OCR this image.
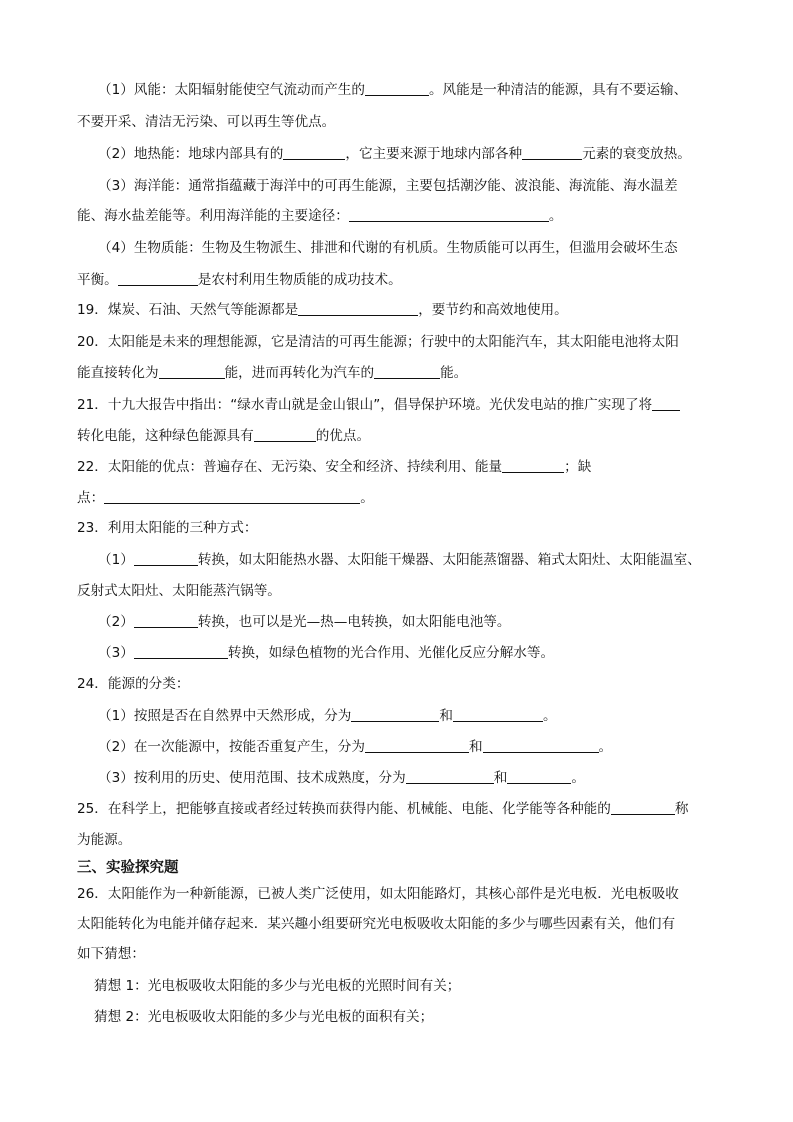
（1）风能：太阳辐射能使空气流动而产生的	。风能是一种清洁的能源，具有不要运输、
不要开采、清洁无污染、可以再生等优点。
（2）地热能：地球内部具有的	，它主要来源于地球内部各种	元素的衰变放热。
（3）海洋能：通常指蕴藏于海洋中的可再生能源，主要包括潮汐能、波浪能、海流能、海水温差
能、海水盐差能等。利用海洋能的主要途径：	。
（4）生物质能：生物及生物派生、排泄和代谢的有机质。生物质能可以再生，但滥用会破坏生态
平衡。	是农村利用生物质能的成功技术。
19．煤炭、石油、天然气等能源都是	，要节约和高效地使用。
20．太阳能是未来的理想能源，它是清洁的可再生能源；行驶中的太阳能汽车，其太阳能电池将太阳
能直接转化为	能，进而再转化为汽车的	能。
21．十九大报告中指出：“绿水青山就是金山银山”，倡导保护环境。光伏发电站的推广实现了将
转化电能，这种绿色能源具有	的优点。
22．太阳能的优点：普遍存在、无污染、安全和经济、持续利用、能量	；缺
点：	。
23．利用太阳能的三种方式：
（1）	转换，如太阳能热水器、太阳能干燥器、太阳能蒸馏器、箱式太阳灶、太阳能温室、
反射式太阳灶、太阳能蒸汽锅等。
（2）	转换，也可以是光—热—电转换，如太阳能电池等。
（3）	转换，如绿色植物的光合作用、光催化反应分解水等。
24．能源的分类：
（1）按照是否在自然界中天然形成，分为	和	。
（2）在一次能源中，按能否重复产生，分为	和	。
（3）按利用的历史、使用范围、技术成熟度，分为	和	。
25．在科学上，把能够直接或者经过转换而获得内能、机械能、电能、化学能等各种能的	称
为能源。
三、实验探究题
26．太阳能作为一种新能源，已被人类广泛使用，如太阳能路灯，其核心部件是光电板．光电板吸收
太阳能转化为电能并储存起来．某兴趣小组要研究光电板吸收太阳能的多少与哪些因素有关，他们有
如下猜想：
猜想 1：光电板吸收太阳能的多少与光电板的光照时间有关；
猜想 2：光电板吸收太阳能的多少与光电板的面积有关；
